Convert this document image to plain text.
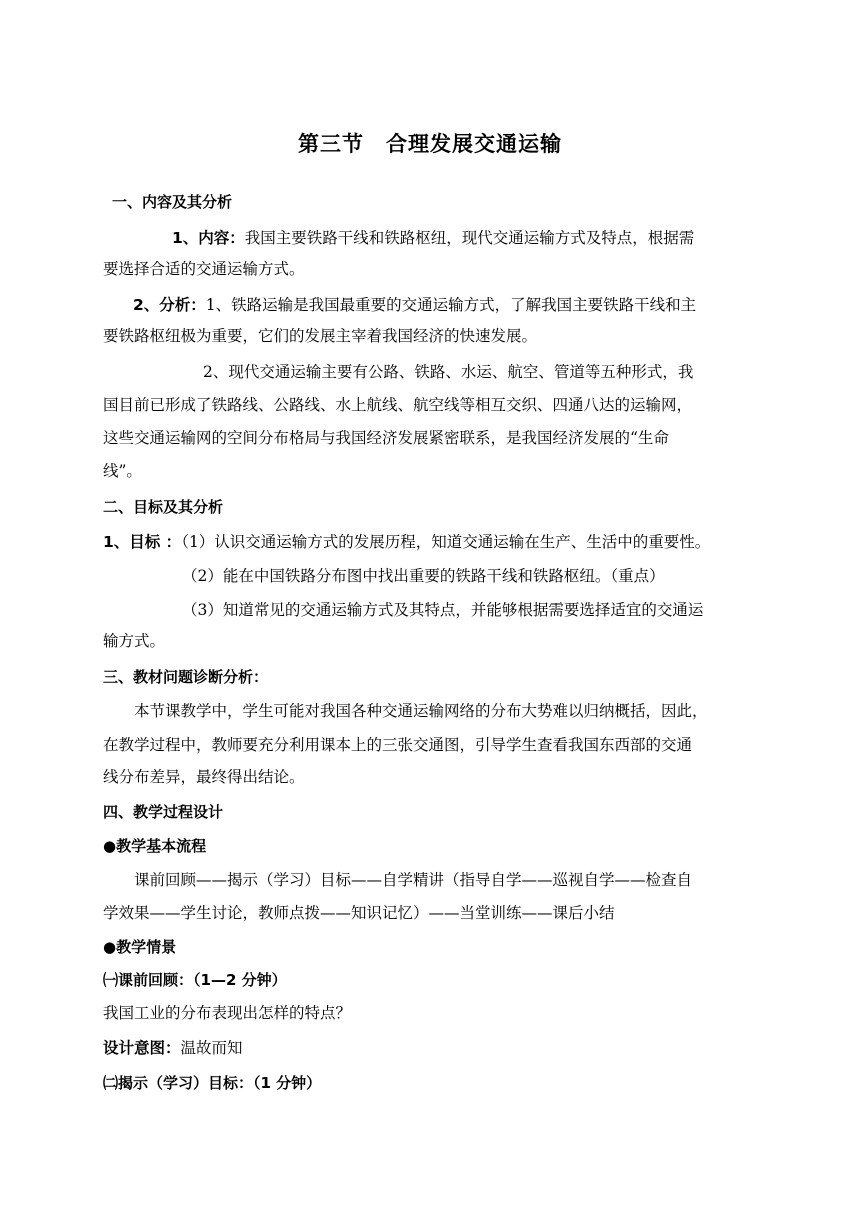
第三节　合理发展交通运输
一、内容及其分析
1、内容：我国主要铁路干线和铁路枢纽，现代交通运输方式及特点，根据需
要选择合适的交通运输方式。
2、分析：1、铁路运输是我国最重要的交通运输方式，了解我国主要铁路干线和主
要铁路枢纽极为重要，它们的发展主宰着我国经济的快速发展。
2、现代交通运输主要有公路、铁路、水运、航空、管道等五种形式，我
国目前已形成了铁路线、公路线、水上航线、航空线等相互交织、四通八达的运输网，
这些交通运输网的空间分布格局与我国经济发展紧密联系，是我国经济发展的“生命
线”。
二、目标及其分析
1、目标 ：（1）认识交通运输方式的发展历程，知道交通运输在生产、生活中的重要性。
（2）能在中国铁路分布图中找出重要的铁路干线和铁路枢纽。（重点）
（3）知道常见的交通运输方式及其特点，并能够根据需要选择适宜的交通运
输方式。
三、教材问题诊断分析：
本节课教学中，学生可能对我国各种交通运输网络的分布大势难以归纳概括，因此，
在教学过程中，教师要充分利用课本上的三张交通图，引导学生查看我国东西部的交通
线分布差异，最终得出结论。
四、教学过程设计
●教学基本流程
课前回顾——揭示（学习）目标——自学精讲（指导自学——巡视自学——检查自
学效果——学生讨论，教师点拨——知识记忆）——当堂训练——课后小结
●教学情景
㈠课前回顾：（1—2 分钟）
我国工业的分布表现出怎样的特点？
设计意图：温故而知
㈡揭示（学习）目标：（1 分钟）
